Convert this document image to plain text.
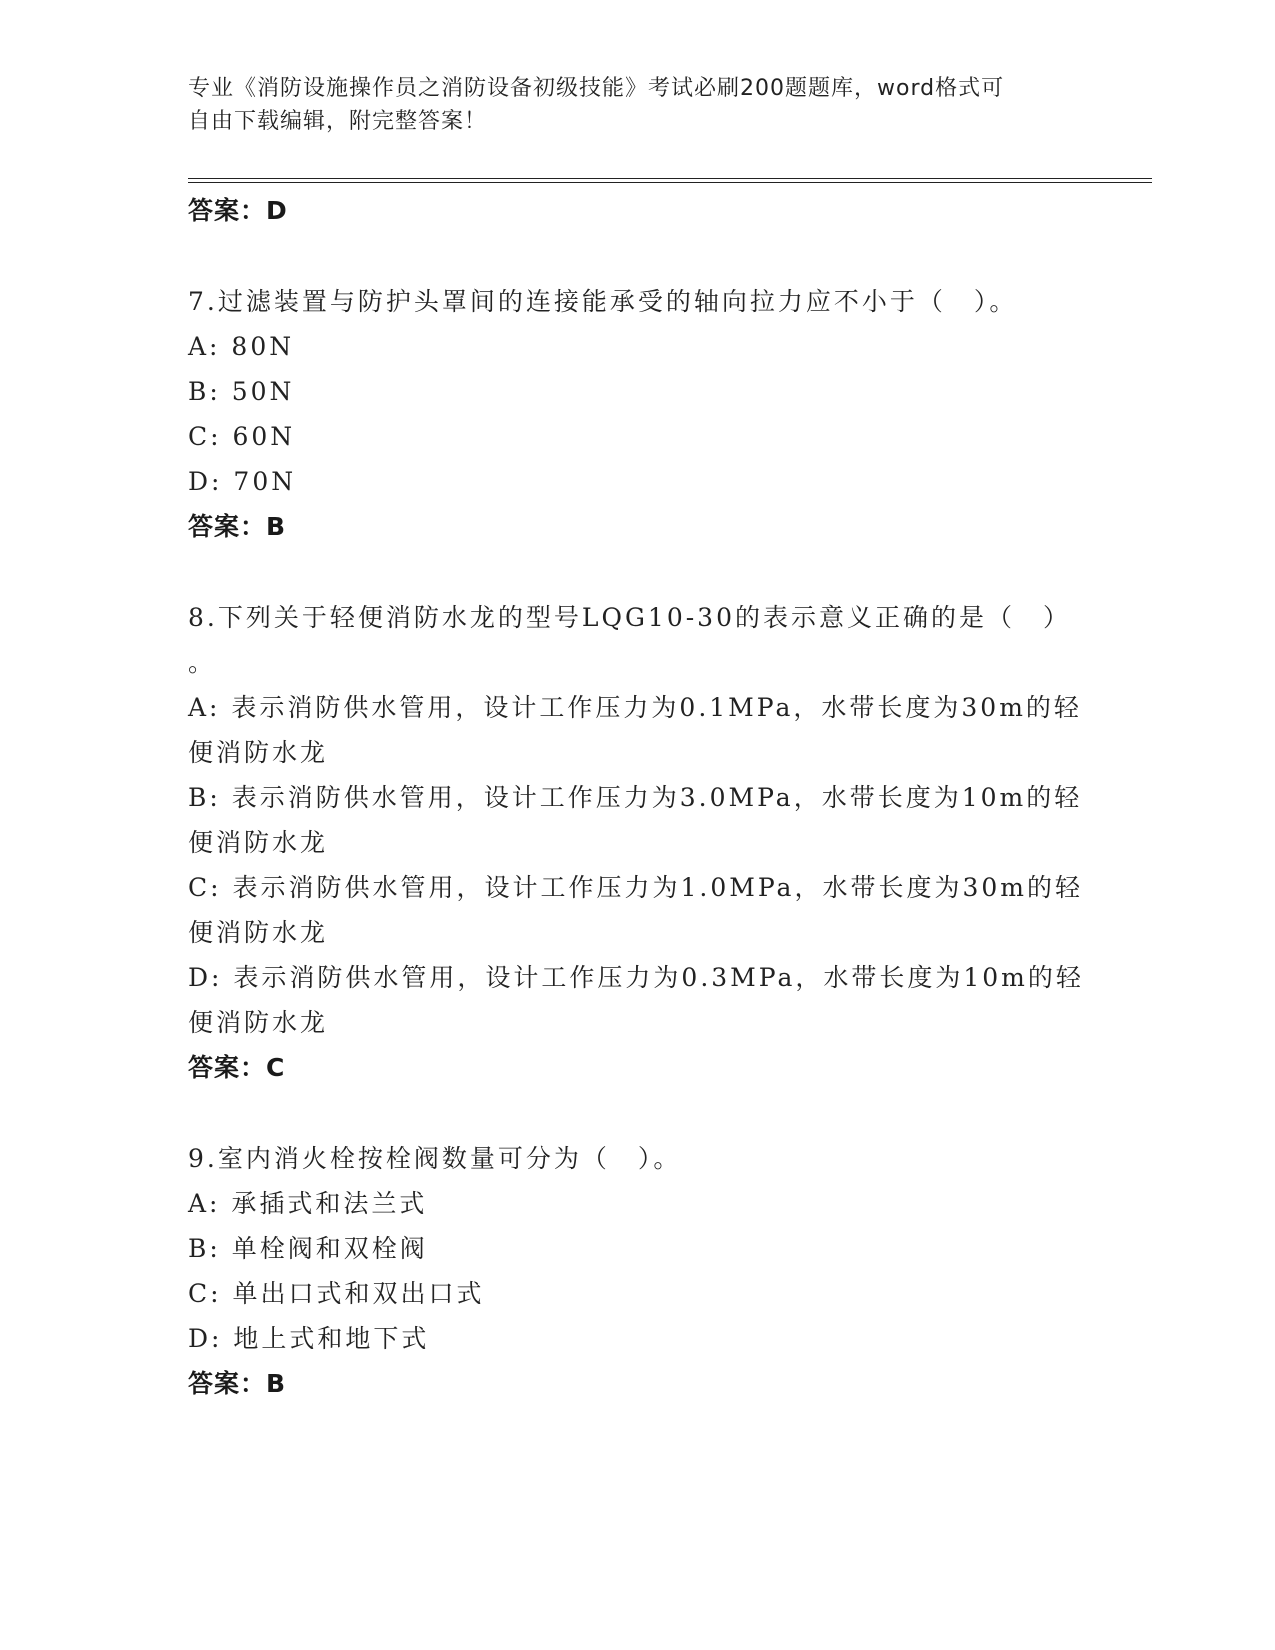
专业《消防设施操作员之消防设备初级技能》考试必刷200题题库，word格式可
自由下载编辑，附完整答案！
答案：D
7.过滤装置与防护头罩间的连接能承受的轴向拉力应不小于（　）。
A: 80N
B: 50N
C: 60N
D: 70N
答案：B
8.下列关于轻便消防水龙的型号LQG10-30的表示意义正确的是（　）
。
A: 表示消防供水管用，设计工作压力为0.1MPa，水带长度为30m的轻
便消防水龙
B: 表示消防供水管用，设计工作压力为3.0MPa，水带长度为10m的轻
便消防水龙
C: 表示消防供水管用，设计工作压力为1.0MPa，水带长度为30m的轻
便消防水龙
D: 表示消防供水管用，设计工作压力为0.3MPa，水带长度为10m的轻
便消防水龙
答案：C
9.室内消火栓按栓阀数量可分为（　）。
A: 承插式和法兰式
B: 单栓阀和双栓阀
C: 单出口式和双出口式
D: 地上式和地下式
答案：B
